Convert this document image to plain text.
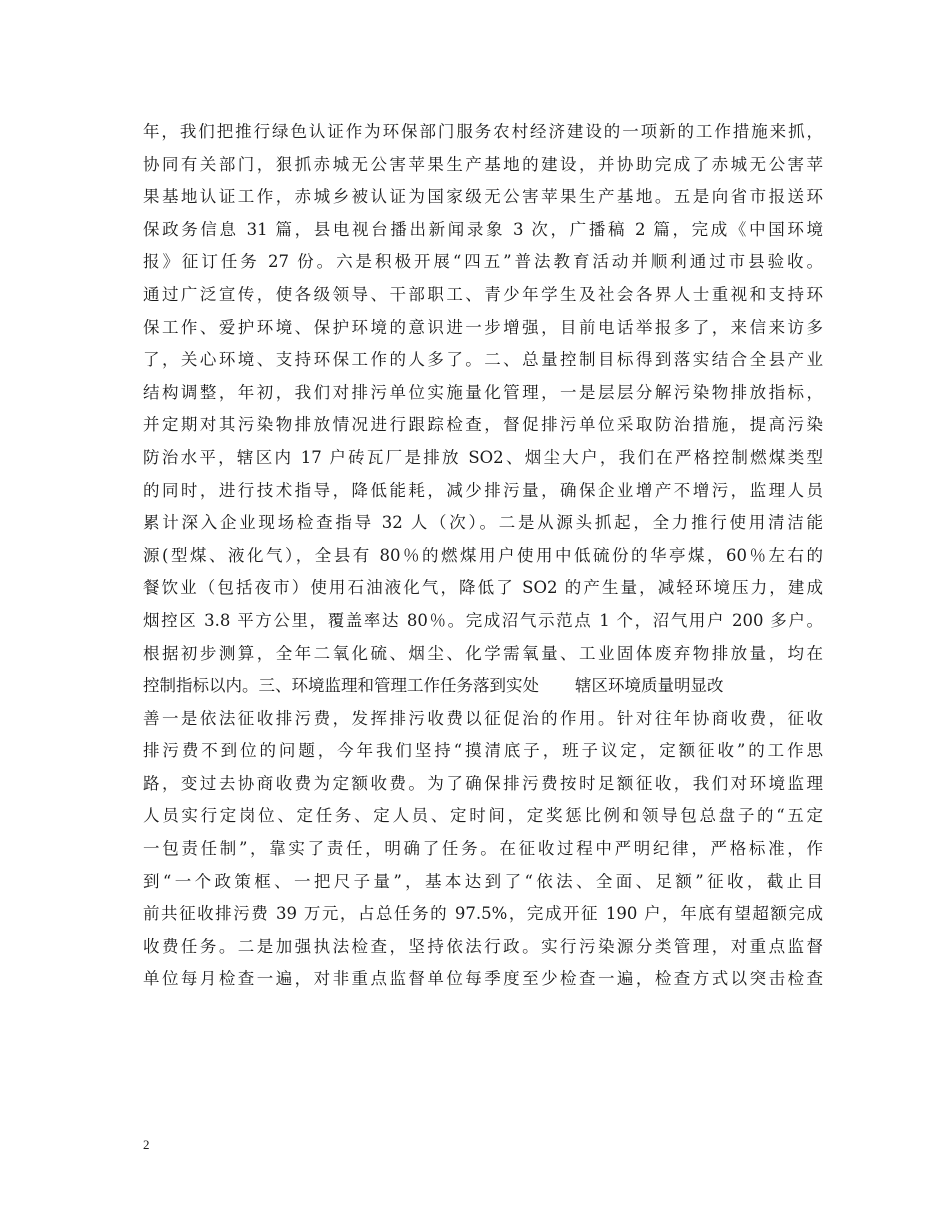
年，我们把推行绿色认证作为环保部门服务农村经济建设的一项新的工作措施来抓，
协同有关部门，狠抓赤城无公害苹果生产基地的建设，并协助完成了赤城无公害苹
果基地认证工作，赤城乡被认证为国家级无公害苹果生产基地。五是向省市报送环
保政务信息 31 篇，县电视台播出新闻录象 3 次，广播稿 2 篇，完成《中国环境
报》征订任务 27 份。六是积极开展“四五”普法教育活动并顺利通过市县验收。
通过广泛宣传，使各级领导、干部职工、青少年学生及社会各界人士重视和支持环
保工作、爱护环境、保护环境的意识进一步增强，目前电话举报多了，来信来访多
了，关心环境、支持环保工作的人多了。二、总量控制目标得到落实结合全县产业
结构调整，年初，我们对排污单位实施量化管理，一是层层分解污染物排放指标，
并定期对其污染物排放情况进行跟踪检查，督促排污单位采取防治措施，提高污染
防治水平，辖区内 17 户砖瓦厂是排放 SO2、烟尘大户，我们在严格控制燃煤类型
的同时，进行技术指导，降低能耗，减少排污量，确保企业增产不增污，监理人员
累计深入企业现场检查指导 32 人（次）。二是从源头抓起，全力推行使用清洁能
源(型煤、液化气），全县有 80％的燃煤用户使用中低硫份的华亭煤，60％左右的
餐饮业（包括夜市）使用石油液化气，降低了 SO2 的产生量，减轻环境压力，建成
烟控区 3.8 平方公里，覆盖率达 80％。完成沼气示范点 1 个，沼气用户 200 多户。
根据初步测算，全年二氧化硫、烟尘、化学需氧量、工业固体废弃物排放量，均在
控制指标以内。三、环境监理和管理工作任务落到实处 辖区环境质量明显改
善一是依法征收排污费，发挥排污收费以征促治的作用。针对往年协商收费，征收
排污费不到位的问题，今年我们坚持“摸清底子，班子议定，定额征收”的工作思
路，变过去协商收费为定额收费。为了确保排污费按时足额征收，我们对环境监理
人员实行定岗位、定任务、定人员、定时间，定奖惩比例和领导包总盘子的“五定
一包责任制”，靠实了责任，明确了任务。在征收过程中严明纪律，严格标准，作
到“一个政策框、一把尺子量”，基本达到了“依法、全面、足额”征收，截止目
前共征收排污费 39 万元，占总任务的 97.5%，完成开征 190 户，年底有望超额完成
收费任务。二是加强执法检查，坚持依法行政。实行污染源分类管理，对重点监督
单位每月检查一遍，对非重点监督单位每季度至少检查一遍，检查方式以突击检查
2
